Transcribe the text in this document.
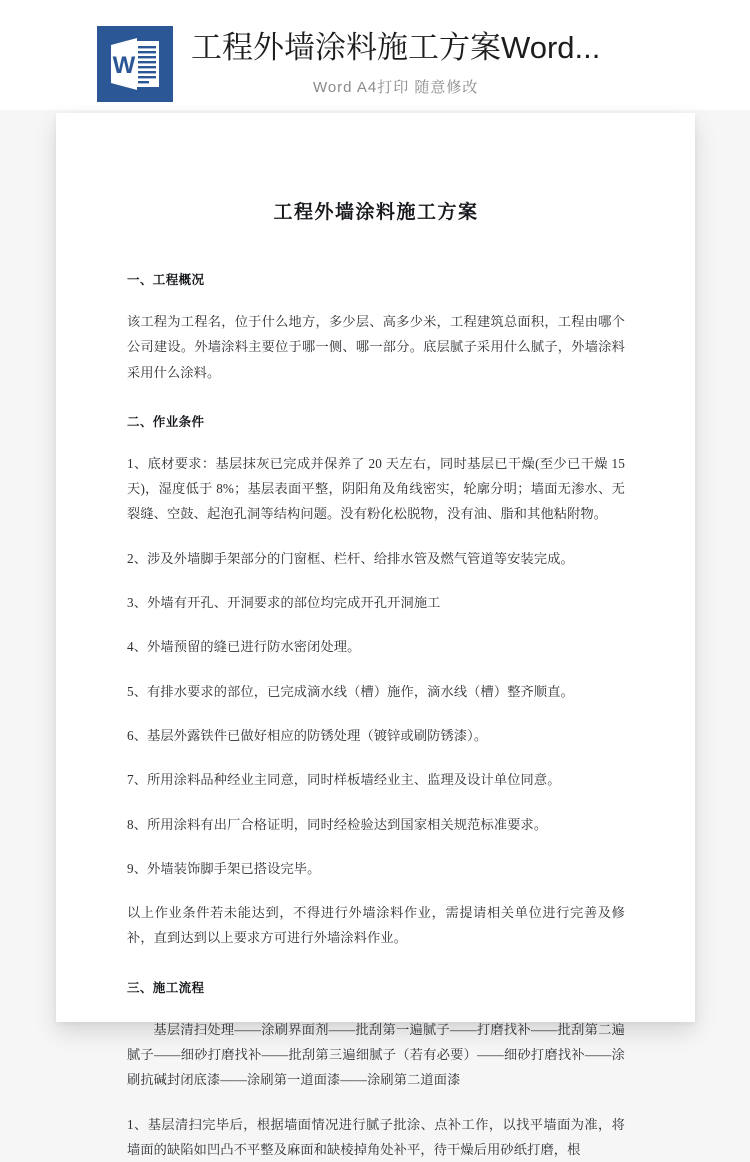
W
工程外墙涂料施工方案Word...
Word A4打印 随意修改
工程外墙涂料施工方案
一、工程概况
该工程为工程名，位于什么地方，多少层、高多少米，工程建筑总面积，工程由哪个公司建设。外墙涂料主要位于哪一侧、哪一部分。底层腻子采用什么腻子，外墙涂料采用什么涂料。
二、作业条件
1、底材要求：基层抹灰已完成并保养了 20 天左右，同时基层已干燥(至少已干燥 15 天)，湿度低于 8%；基层表面平整，阴阳角及角线密实，轮廓分明；墙面无渗水、无裂缝、空鼓、起泡孔洞等结构问题。没有粉化松脱物，没有油、脂和其他粘附物。
2、涉及外墙脚手架部分的门窗框、栏杆、给排水管及燃气管道等安装完成。
3、外墙有开孔、开洞要求的部位均完成开孔开洞施工
4、外墙预留的缝已进行防水密闭处理。
5、有排水要求的部位，已完成滴水线（槽）施作，滴水线（槽）整齐顺直。
6、基层外露铁件已做好相应的防锈处理（镀锌或刷防锈漆）。
7、所用涂料品种经业主同意，同时样板墙经业主、监理及设计单位同意。
8、所用涂料有出厂合格证明，同时经检验达到国家相关规范标准要求。
9、外墙装饰脚手架已搭设完毕。
以上作业条件若未能达到，不得进行外墙涂料作业，需提请相关单位进行完善及修补，直到达到以上要求方可进行外墙涂料作业。
三、施工流程
基层清扫处理——涂刷界面剂——批刮第一遍腻子——打磨找补——批刮第二遍腻子——细砂打磨找补——批刮第三遍细腻子（若有必要）——细砂打磨找补——涂刷抗碱封闭底漆——涂刷第一道面漆——涂刷第二道面漆
1、基层清扫完毕后，根据墙面情况进行腻子批涂、点补工作，以找平墙面为准，将墙面的缺陷如凹凸不平整及麻面和缺棱掉角处补平，待干燥后用砂纸打磨，根
